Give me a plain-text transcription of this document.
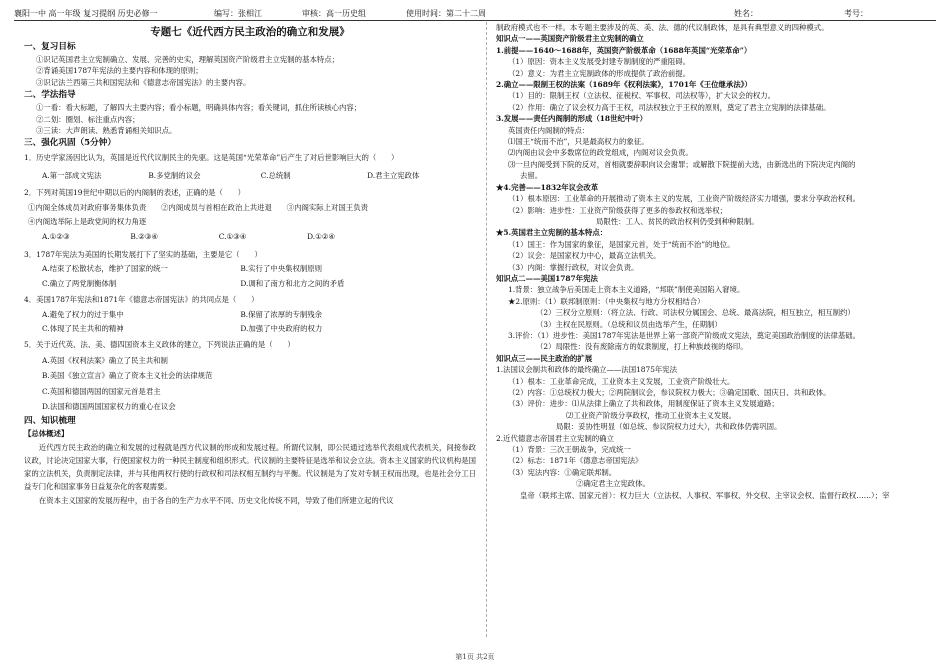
襄阳一中 高一年级 复习提纲 历史必修一	编写：张相江	审核：高一历史组	使用时间：第二十二周	姓名：	考号：
专题七《近代西方民主政治的确立和发展》
一、复习目标
①识记英国君主立宪制确立、发展、完善的史实，理解英国资产阶级君主立宪制的基本特点；
②背诵美国1787年宪法的主要内容和体现的原则；
③识记法兰西第三共和国宪法和《德意志帝国宪法》的主要内容。
二、学法指导
①一看：看大标题，了解四大主要内容；看小标题，明确具体内容；看关键词，抓住所读核心内容；
②二划：圈划、标注重点内容；
③三读：大声朗读、熟悉背诵相关知识点。
三、强化巩固（5分钟）
1．历史学家汤因比认为，英国是近代代议制民主的先驱。这是英国“光荣革命”后产生了对后世影响巨大的（　　）
A.第一部成文宪法	B.多党制的议会	C.总统制	D.君主立宪政体
2．下列对英国19世纪中期以后的内阁制的表述，正确的是（　　）
①内阁全体成员对政府事务集体负责　　②内阁成员与首相在政治上共进退　　③内阁实际上对国王负责
④内阁选举际上是政党间的权力角逐
A.①②③	B.②③④	C.①③④	D.①②④
3．1787年宪法为美国的长期发展打下了坚实的基础，主要是它（　　）
A.结束了松散状态，维护了国家的统一	B.实行了中央集权制原则
C.确立了两党制衡体制	D.调和了南方和北方之间的矛盾
4．美国1787年宪法和1871年《德意志帝国宪法》的共同点是（　　）
A.避免了权力的过于集中	B.保留了浓厚的专制残余
C.体现了民主共和的精神	D.加强了中央政府的权力
5．关于近代英、法、美、德四国资本主义政体的建立，下列说法正确的是（　　）
A.英国《权利法案》确立了民主共和制
B.美国《独立宣言》确立了资本主义社会的法律规范
C.英国和德国两国的国家元首是君主
D.法国和德国两国国家权力的重心在议会
四、知识梳理
【总体概述】
近代西方民主政治的确立和发展的过程就是西方代议制的形成和发展过程。所谓代议制，即公民通过选举代表组成代表机关，间接参政议政，讨论决定国家大事，行使国家权力的一种民主制度和组织形式。代议制的主要特征是选举和议会立法。资本主义国家的代议机构是国家的立法机关，负责制定法律，并与其他两权行使的行政权和司法权相互制约与平衡。代议制是为了发对专制王权而出现，也是社会分工日益专门化和国家事务日益复杂化的客观需要。
在资本主义国家的发展历程中，由于各自的生产力水平不同、历史文化传统不同，导致了他们所建立起的代议
制政府模式也不一样。本专题主要涉及的英、美、法、德的代议制政体，是具有典型意义的四种模式。
知识点一——英国资产阶级君主立宪制的确立
1.前提——1640～1688年，英国资产阶级革命（1688年英国“光荣革命”）
（1）原因：资本主义发展受封建专制制度的严重阻碍。
（2）意义：为君主立宪制政体的形成提供了政治前提。
2.确立——限制王权的法案（1689年《权利法案》，1701年《王位继承法》）
（1）目的：限制王权（立法权、征税权、军事权、司法权等），扩大议会的权力。
（2）作用：确立了议会权力高于王权，司法权独立于王权的原则，奠定了君主立宪制的法律基础。
3.发展——责任内阁制的形成（18世纪中叶）
英国责任内阁制的特点：
⑴国王“统而不治”，只是最高权力的象征。
⑵内阁由议会中多数席位的政党组成，内阁对议会负责。
⑶一旦内阁受到下院的反对，首相就要辞职向议会谢罪；或解散下院提前大选，由新选出的下院决定内阁的
去留。
★4.完善——1832年议会改革
（1）根本原因：工业革命的开展推动了资本主义的发展，工业资产阶级经济实力增强，要求分享政治权利。
（2）影响：进步性：工业资产阶级获得了更多的参政权和选举权；
局限性：工人、贫民的政治权利仍受到种种限制。
★5.英国君主立宪制的基本特点：
（1）国王：作为国家的象征，是国家元首，处于“统而不治”的地位。
（2）议会：是国家权力中心，最高立法机关。
（3）内阁：掌握行政权，对议会负责。
知识点二——美国1787年宪法
1.背景：独立战争后美国走上资本主义道路，“邦联”制使美国陷入窘境。
★2.原则：（1）联邦制原则：（中央集权与地方分权相结合）
（2）三权分立原则：（将立法、行政、司法权分属国会、总统、最高法院，相互独立，相互制约）
（3）主权在民原则。（总统和议员由选举产生，任期制）
3.评价：（1）进步性：美国1787年宪法是世界上第一部资产阶级成文宪法，奠定美国政治制度的法律基础。
（2）局限性：没有废除南方的奴隶制度，打上种族歧视的烙印。
知识点三——民主政治的扩展
1.法国议会制共和政体的最终确立——法国1875年宪法
（1）根本：工业革命完成，工业资本主义发展，工业资产阶级壮大。
（2）内容：①总统权力极大；②两院制议会，参议院权力极大；③确定国歌、国庆日、共和政体。
（3）评价：进步：⑴从法律上确立了共和政体，用制度保证了资本主义发展道路；
⑵工业资产阶级分享政权，推动工业资本主义发展。
局限：妥协性明显（如总统、参议院权力过大），共和政体仍需巩固。
2.近代德意志帝国君主立宪制的确立
（1）背景：三次王朝战争，完成统一
（2）标志：1871年《德意志帝国宪法》
（3）宪法内容：①确定联邦制。
②确定君主立宪政体。
皇帝（联邦主席、国家元首）：权力巨大（立法权、人事权、军事权、外交权、主宰议会权、监督行政权……）；宰
第1页 共2页
